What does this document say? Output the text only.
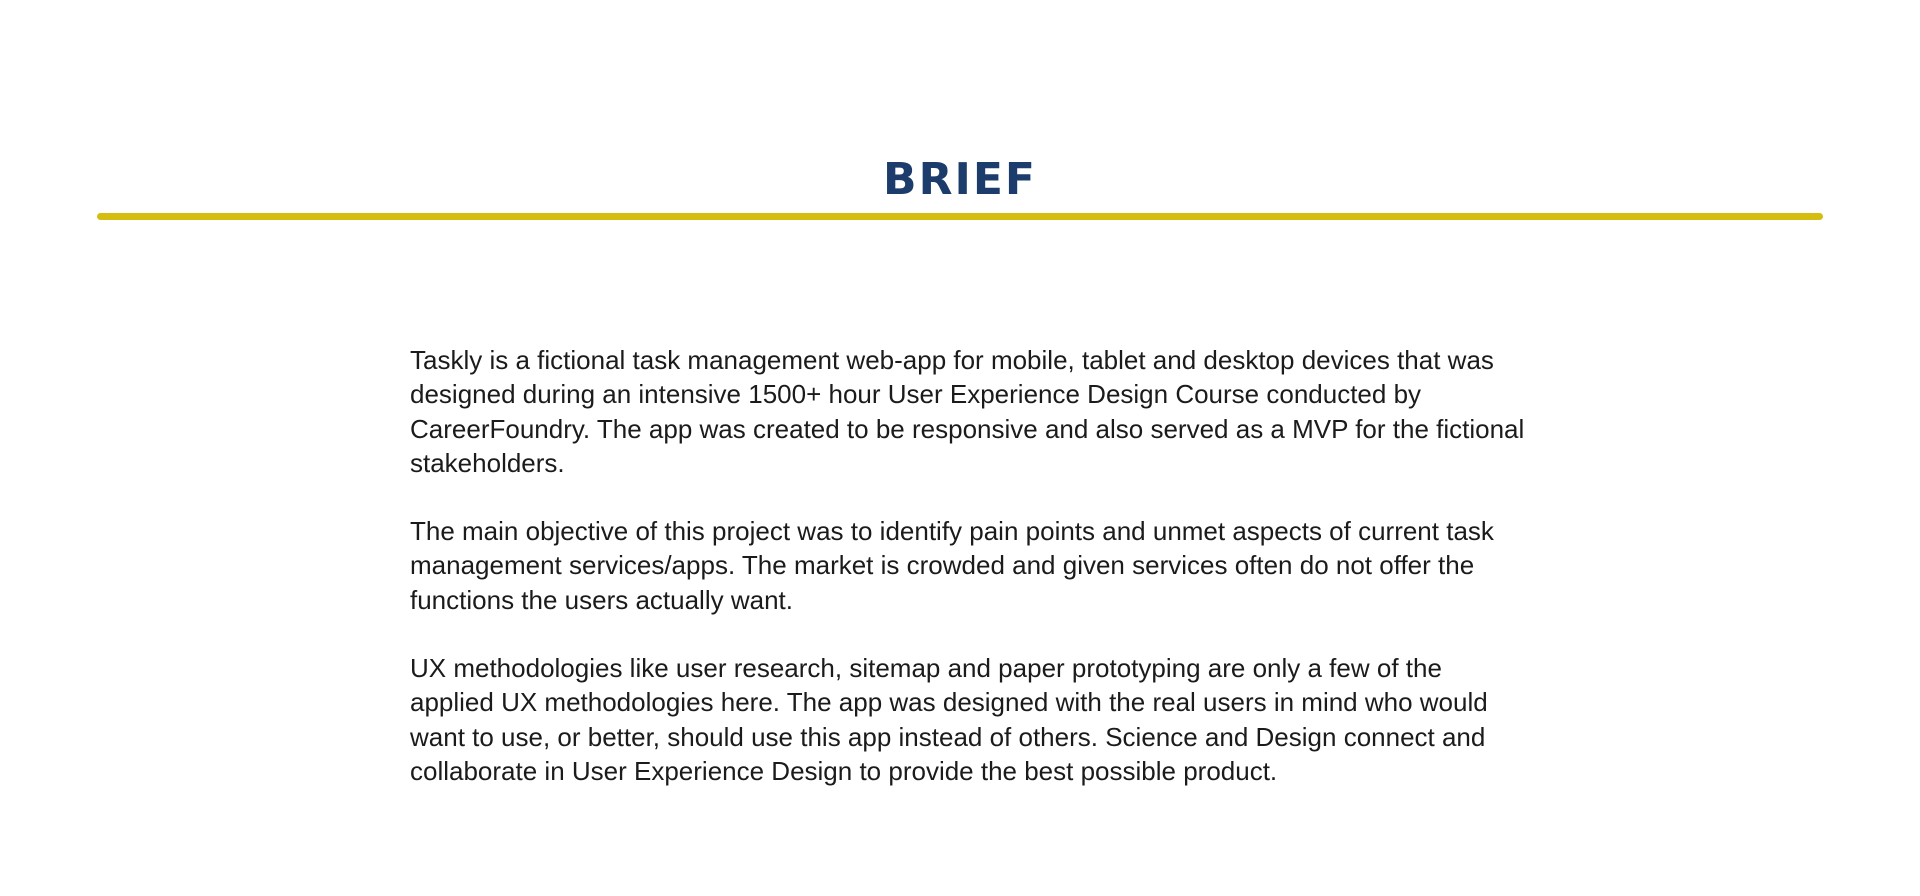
BRIEF

Taskly is a fictional task management web-app for mobile, tablet and desktop devices that was designed during an intensive 1500+ hour User Experience Design Course conducted by CareerFoundry. The app was created to be responsive and also served as a MVP for the fictional stakeholders.

The main objective of this project was to identify pain points and unmet aspects of current task management services/apps. The market is crowded and given services often do not offer the functions the users actually want.

UX methodologies like user research, sitemap and paper prototyping are only a few of the applied UX methodologies here. The app was designed with the real users in mind who would want to use, or better, should use this app instead of others. Science and Design connect and collaborate in User Experience Design to provide the best possible product.
